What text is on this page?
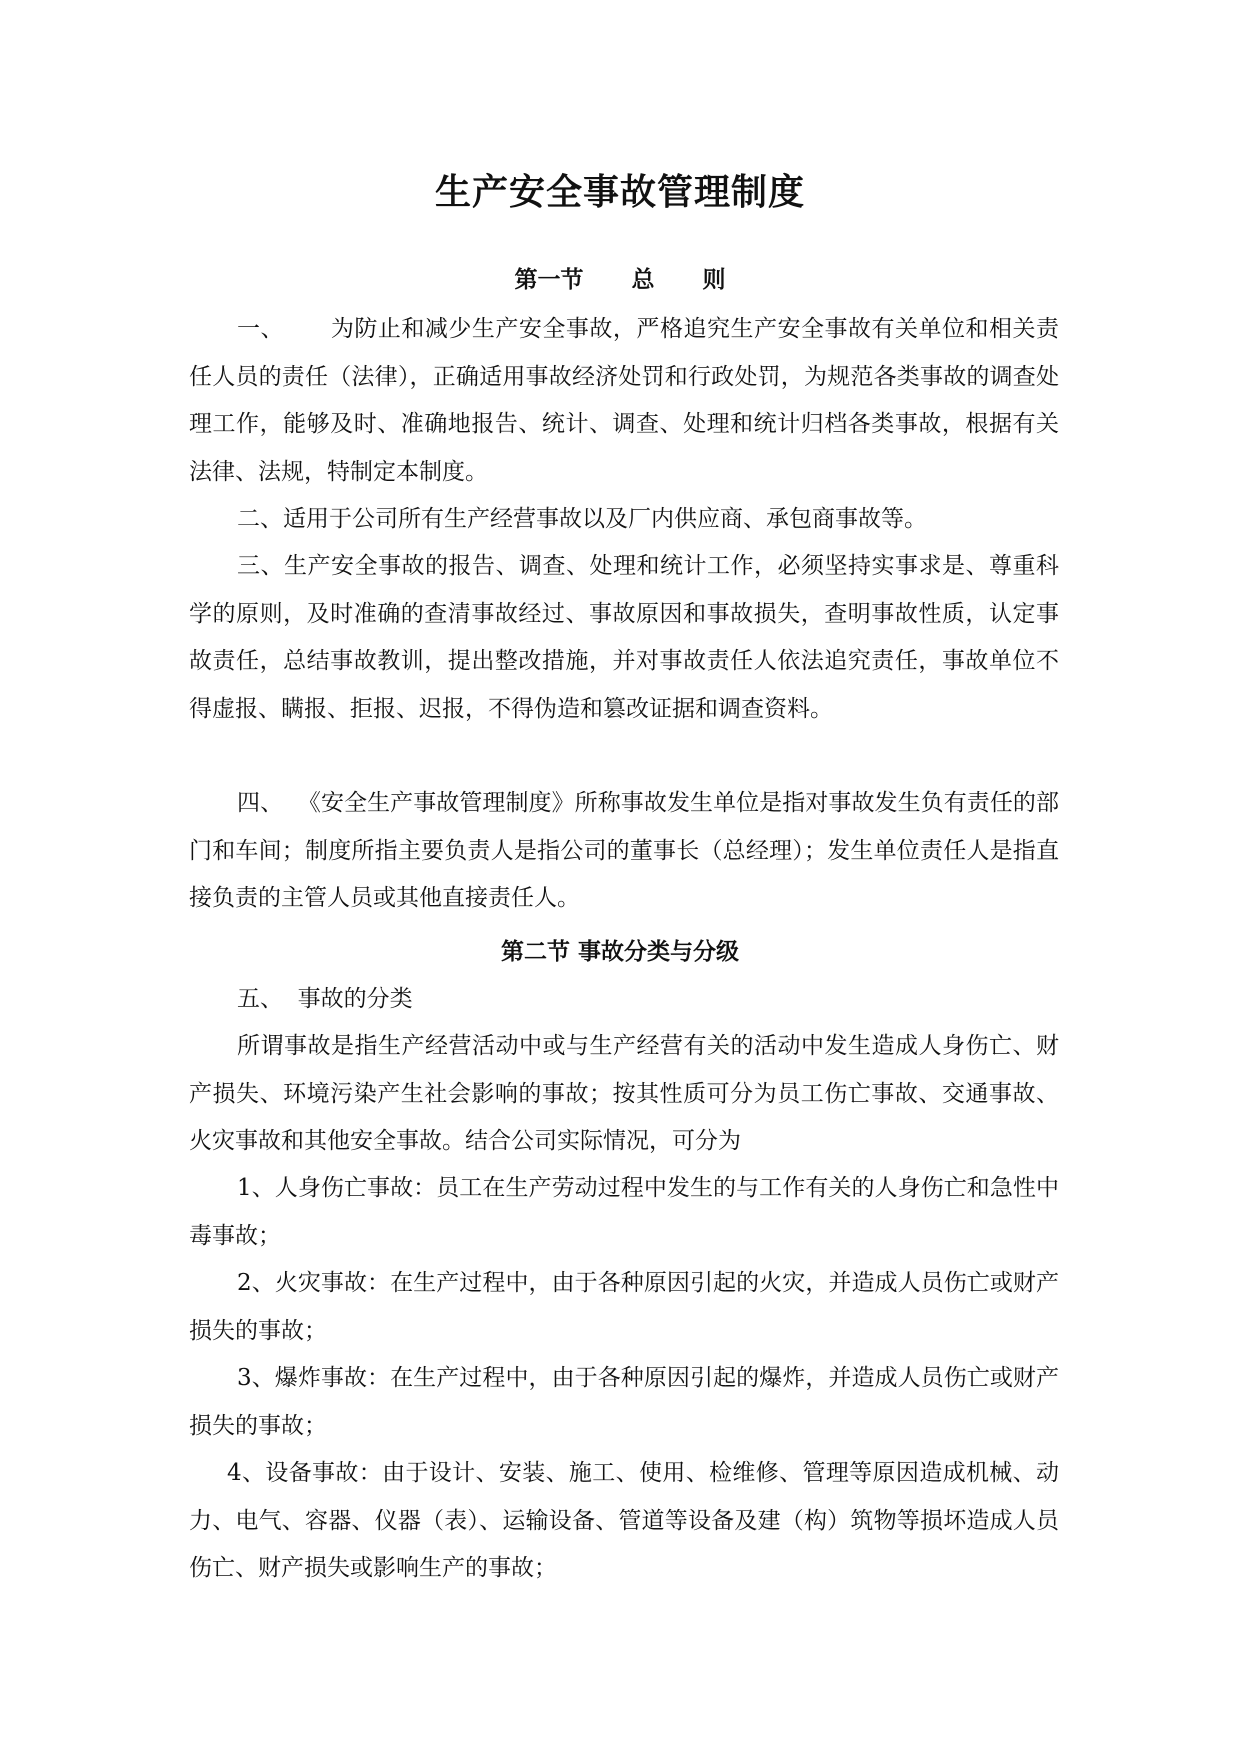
生产安全事故管理制度
第一节      总      则

一、      为防止和减少生产安全事故，严格追究生产安全事故有关单位和相关责任人员的责任（法律），正确适用事故经济处罚和行政处罚，为规范各类事故的调查处理工作，能够及时、准确地报告、统计、调查、处理和统计归档各类事故，根据有关法律、法规，特制定本制度。

二、适用于公司所有生产经营事故以及厂内供应商、承包商事故等。

三、生产安全事故的报告、调查、处理和统计工作，必须坚持实事求是、尊重科学的原则，及时准确的查清事故经过、事故原因和事故损失，查明事故性质，认定事故责任，总结事故教训，提出整改措施，并对事故责任人依法追究责任，事故单位不得虚报、瞒报、拒报、迟报，不得伪造和篡改证据和调查资料。

四、  《安全生产事故管理制度》所称事故发生单位是指对事故发生负有责任的部门和车间；制度所指主要负责人是指公司的董事长（总经理）；发生单位责任人是指直接负责的主管人员或其他直接责任人。

第二节 事故分类与分级

五、  事故的分类

所谓事故是指生产经营活动中或与生产经营有关的活动中发生造成人身伤亡、财产损失、环境污染产生社会影响的事故；按其性质可分为员工伤亡事故、交通事故、火灾事故和其他安全事故。结合公司实际情况，可分为

1、人身伤亡事故：员工在生产劳动过程中发生的与工作有关的人身伤亡和急性中毒事故；

2、火灾事故：在生产过程中，由于各种原因引起的火灾，并造成人员伤亡或财产损失的事故；

3、爆炸事故：在生产过程中，由于各种原因引起的爆炸，并造成人员伤亡或财产损失的事故；

4、设备事故：由于设计、安装、施工、使用、检维修、管理等原因造成机械、动力、电气、容器、仪器（表）、运输设备、管道等设备及建（构）筑物等损坏造成人员伤亡、财产损失或影响生产的事故；
